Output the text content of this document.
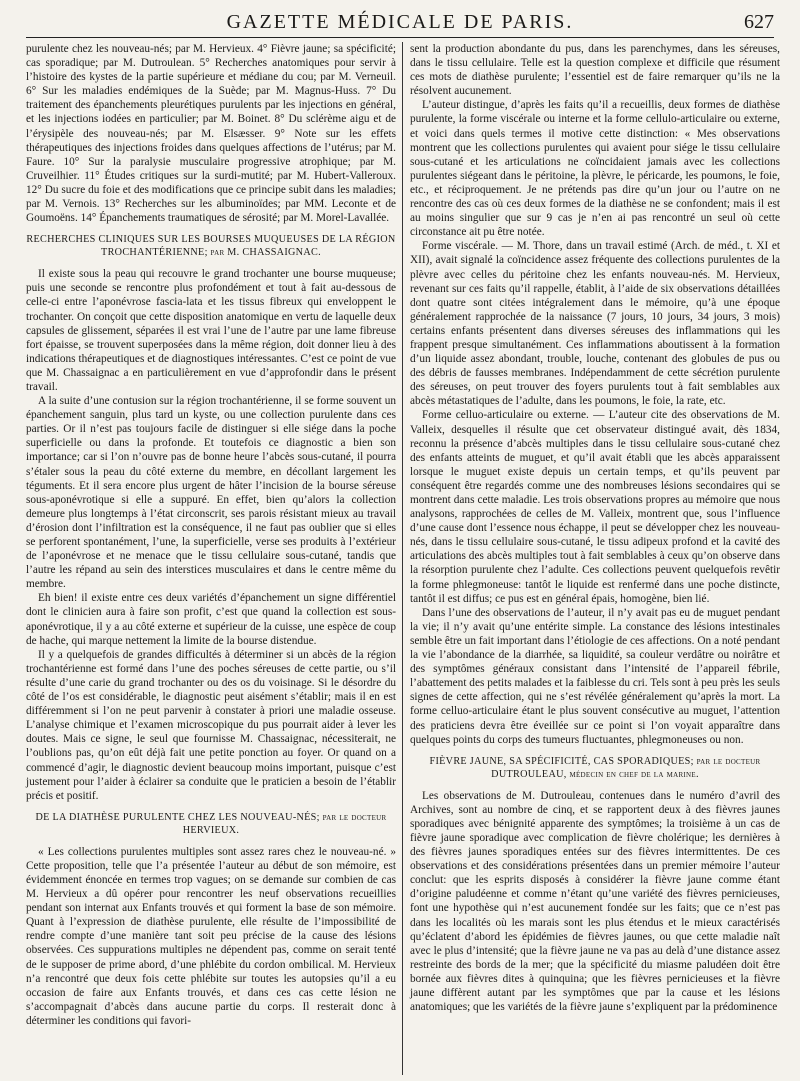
GAZETTE MÉDICALE DE PARIS.	627

purulente chez les nouveau-nés; par M. Hervieux. 4° Fièvre jaune; sa spécificité; cas sporadique; par M. Dutroulean. 5° Recherches anatomiques pour servir à l’histoire des kystes de la partie supérieure et médiane du cou; par M. Verneuil. 6° Sur les maladies endémiques de la Suède; par M. Magnus-Huss. 7° Du traitement des épanchements pleurétiques purulents par les injections en général, et les injections iodées en particulier; par M. Boinet. 8° Du sclérème aigu et de l’érysipèle des nouveau-nés; par M. Elsæsser. 9° Note sur les effets thérapeutiques des injections froides dans quelques affections de l’utérus; par M. Faure. 10° Sur la paralysie musculaire progressive atrophique; par M. Cruveilhier. 11° Études critiques sur la surdi-mutité; par M. Hubert-Valleroux. 12° Du sucre du foie et des modifications que ce principe subit dans les maladies; par M. Vernois. 13° Recherches sur les albuminoïdes; par MM. Leconte et de Goumoëns. 14° Épanchements traumatiques de sérosité; par M. Morel-Lavallée.

RECHERCHES CLINIQUES SUR LES BOURSES MUQUEUSES DE LA RÉGION TROCHANTÉRIENNE; par M. CHASSAIGNAC.

Il existe sous la peau qui recouvre le grand trochanter une bourse muqueuse; puis une seconde se rencontre plus profondément et tout à fait au-dessous de celle-ci entre l’aponévrose fascia-lata et les tissus fibreux qui enveloppent le trochanter. On conçoit que cette disposition anatomique en vertu de laquelle deux capsules de glissement, séparées il est vrai l’une de l’autre par une lame fibreuse fort épaisse, se trouvent superposées dans la même région, doit donner lieu à des indications thérapeutiques et de diagnostiques intéressantes. C’est ce point de vue que M. Chassaignac a en particulièrement en vue d’approfondir dans le présent travail.

A la suite d’une contusion sur la région trochantérienne, il se forme souvent un épanchement sanguin, plus tard un kyste, ou une collection purulente dans ces parties. Or il n’est pas toujours facile de distinguer si elle siége dans la poche superficielle ou dans la profonde. Et toutefois ce diagnostic a bien son importance; car si l’on n’ouvre pas de bonne heure l’abcès sous-cutané, il pourra s’étaler sous la peau du côté externe du membre, en décollant largement les téguments. Et il sera encore plus urgent de hâter l’incision de la bourse séreuse sous-aponévrotique si elle a suppuré. En effet, bien qu’alors la collection demeure plus longtemps à l’état circonscrit, ses parois résistant mieux au travail d’érosion dont l’infiltration est la conséquence, il ne faut pas oublier que si elles se perforent spontanément, l’une, la superficielle, verse ses produits à l’extérieur de l’aponévrose et ne menace que le tissu cellulaire sous-cutané, tandis que l’autre les répand au sein des interstices musculaires et dans le centre même du membre.

Eh bien! il existe entre ces deux variétés d’épanchement un signe différentiel dont le clinicien aura à faire son profit, c’est que quand la collection est sous-aponévrotique, il y a au côté externe et supérieur de la cuisse, une espèce de coup de hache, qui marque nettement la limite de la bourse distendue.

Il y a quelquefois de grandes difficultés à déterminer si un abcès de la région trochantérienne est formé dans l’une des poches séreuses de cette partie, ou s’il résulte d’une carie du grand trochanter ou des os du voisinage. Si le désordre du côté de l’os est considérable, le diagnostic peut aisément s’établir; mais il en est différemment si l’on ne peut parvenir à constater à priori une maladie osseuse. L’analyse chimique et l’examen microscopique du pus pourrait aider à lever les doutes. Mais ce signe, le seul que fournisse M. Chassaignac, nécessiterait, ne l’oublions pas, qu’on eût déjà fait une petite ponction au foyer. Or quand on a commencé d’agir, le diagnostic devient beaucoup moins important, puisque c’est justement pour l’aider à éclairer sa conduite que le praticien a besoin de l’établir précis et positif.

DE LA DIATHÈSE PURULENTE CHEZ LES NOUVEAU-NÉS; par le docteur HERVIEUX.

« Les collections purulentes multiples sont assez rares chez le nouveau-né. » Cette proposition, telle que l’a présentée l’auteur au début de son mémoire, est évidemment énoncée en termes trop vagues; on se demande sur combien de cas M. Hervieux a dû opérer pour rencontrer les neuf observations recueillies pendant son internat aux Enfants trouvés et qui forment la base de son mémoire. Quant à l’expression de diathèse purulente, elle résulte de l’impossibilité de rendre compte d’une manière tant soit peu précise de la cause des lésions observées. Ces suppurations multiples ne dépendent pas, comme on serait tenté de le supposer de prime abord, d’une phlébite du cordon ombilical. M. Hervieux n’a rencontré que deux fois cette phlébite sur toutes les autopsies qu’il a eu occasion de faire aux Enfants trouvés, et dans ces cas cette lésion ne s’accompagnait d’abcès dans aucune partie du corps. Il resterait donc à déterminer les conditions qui favori-

sent la production abondante du pus, dans les parenchymes, dans les séreuses, dans le tissu cellulaire. Telle est la question complexe et difficile que résument ces mots de diathèse purulente; l’essentiel est de faire remarquer qu’ils ne la résolvent aucunement.

L’auteur distingue, d’après les faits qu’il a recueillis, deux formes de diathèse purulente, la forme viscérale ou interne et la forme cellulo-articulaire ou externe, et voici dans quels termes il motive cette distinction: « Mes observations montrent que les collections purulentes qui avaient pour siége le tissu cellulaire sous-cutané et les articulations ne coïncidaient jamais avec les collections purulentes siégeant dans le péritoine, la plèvre, le péricarde, les poumons, le foie, etc., et réciproquement. Je ne prétends pas dire qu’un jour ou l’autre on ne rencontre des cas où ces deux formes de la diathèse ne se confondent; mais il est au moins singulier que sur 9 cas je n’en ai pas rencontré un seul où cette circonstance ait pu être notée.

Forme viscérale. — M. Thore, dans un travail estimé (Arch. de méd., t. XI et XII), avait signalé la coïncidence assez fréquente des collections purulentes de la plèvre avec celles du péritoine chez les enfants nouveau-nés. M. Hervieux, revenant sur ces faits qu’il rappelle, établit, à l’aide de six observations détaillées dont quatre sont citées intégralement dans le mémoire, qu’à une époque généralement rapprochée de la naissance (7 jours, 10 jours, 34 jours, 3 mois) certains enfants présentent dans diverses séreuses des inflammations qui les frappent presque simultanément. Ces inflammations aboutissent à la formation d’un liquide assez abondant, trouble, louche, contenant des globules de pus ou des débris de fausses membranes. Indépendamment de cette sécrétion purulente des séreuses, on peut trouver des foyers purulents tout à fait semblables aux abcès métastatiques de l’adulte, dans les poumons, le foie, la rate, etc.

Forme celluo-articulaire ou externe. — L’auteur cite des observations de M. Valleix, desquelles il résulte que cet observateur distingué avait, dès 1834, reconnu la présence d’abcès multiples dans le tissu cellulaire sous-cutané chez des enfants atteints de muguet, et qu’il avait établi que les abcès apparaissent lorsque le muguet existe depuis un certain temps, et qu’ils peuvent par conséquent être regardés comme une des nombreuses lésions secondaires qui se montrent dans cette maladie. Les trois observations propres au mémoire que nous analysons, rapprochées de celles de M. Valleix, montrent que, sous l’influence d’une cause dont l’essence nous échappe, il peut se développer chez les nouveau-nés, dans le tissu cellulaire sous-cutané, le tissu adipeux profond et la cavité des articulations des abcès multiples tout à fait semblables à ceux qu’on observe dans la résorption purulente chez l’adulte. Ces collections peuvent quelquefois revêtir la forme phlegmoneuse: tantôt le liquide est renfermé dans une poche distincte, tantôt il est diffus; ce pus est en général épais, homogène, bien lié.

Dans l’une des observations de l’auteur, il n’y avait pas eu de muguet pendant la vie; il n’y avait qu’une entérite simple. La constance des lésions intestinales semble être un fait important dans l’étiologie de ces affections. On a noté pendant la vie l’abondance de la diarrhée, sa liquidité, sa couleur verdâtre ou noirâtre et des symptômes généraux consistant dans l’intensité de l’appareil fébrile, l’abattement des petits malades et la faiblesse du cri. Tels sont à peu près les seuls signes de cette affection, qui ne s’est révélée généralement qu’après la mort. La forme celluo-articulaire étant le plus souvent consécutive au muguet, l’attention des praticiens devra être éveillée sur ce point si l’on voyait apparaître dans quelques points du corps des tumeurs fluctuantes, phlegmoneuses ou non.

FIÈVRE JAUNE, SA SPÉCIFICITÉ, CAS SPORADIQUES; par le docteur DUTROULEAU, médecin en chef de la marine.

Les observations de M. Dutrouleau, contenues dans le numéro d’avril des Archives, sont au nombre de cinq, et se rapportent deux à des fièvres jaunes sporadiques avec bénignité apparente des symptômes; la troisième à un cas de fièvre jaune sporadique avec complication de fièvre cholérique; les dernières à des fièvres jaunes sporadiques entées sur des fièvres intermittentes. De ces observations et des considérations présentées dans un premier mémoire l’auteur conclut: que les esprits disposés à considérer la fièvre jaune comme étant d’origine paludéenne et comme n’étant qu’une variété des fièvres pernicieuses, font une hypothèse qui n’est aucunement fondée sur les faits; que ce n’est pas dans les localités où les marais sont les plus étendus et le mieux caractérisés qu’éclatent d’abord les épidémies de fièvres jaunes, ou que cette maladie naît avec le plus d’intensité; que la fièvre jaune ne va pas au delà d’une distance assez restreinte des bords de la mer; que la spécificité du miasme paludéen doit être bornée aux fièvres dites à quinquina; que les fièvres pernicieuses et la fièvre jaune diffèrent autant par les symptômes que par la cause et les lésions anatomiques; que les variétés de la fièvre jaune s’expliquent par la prédominence
